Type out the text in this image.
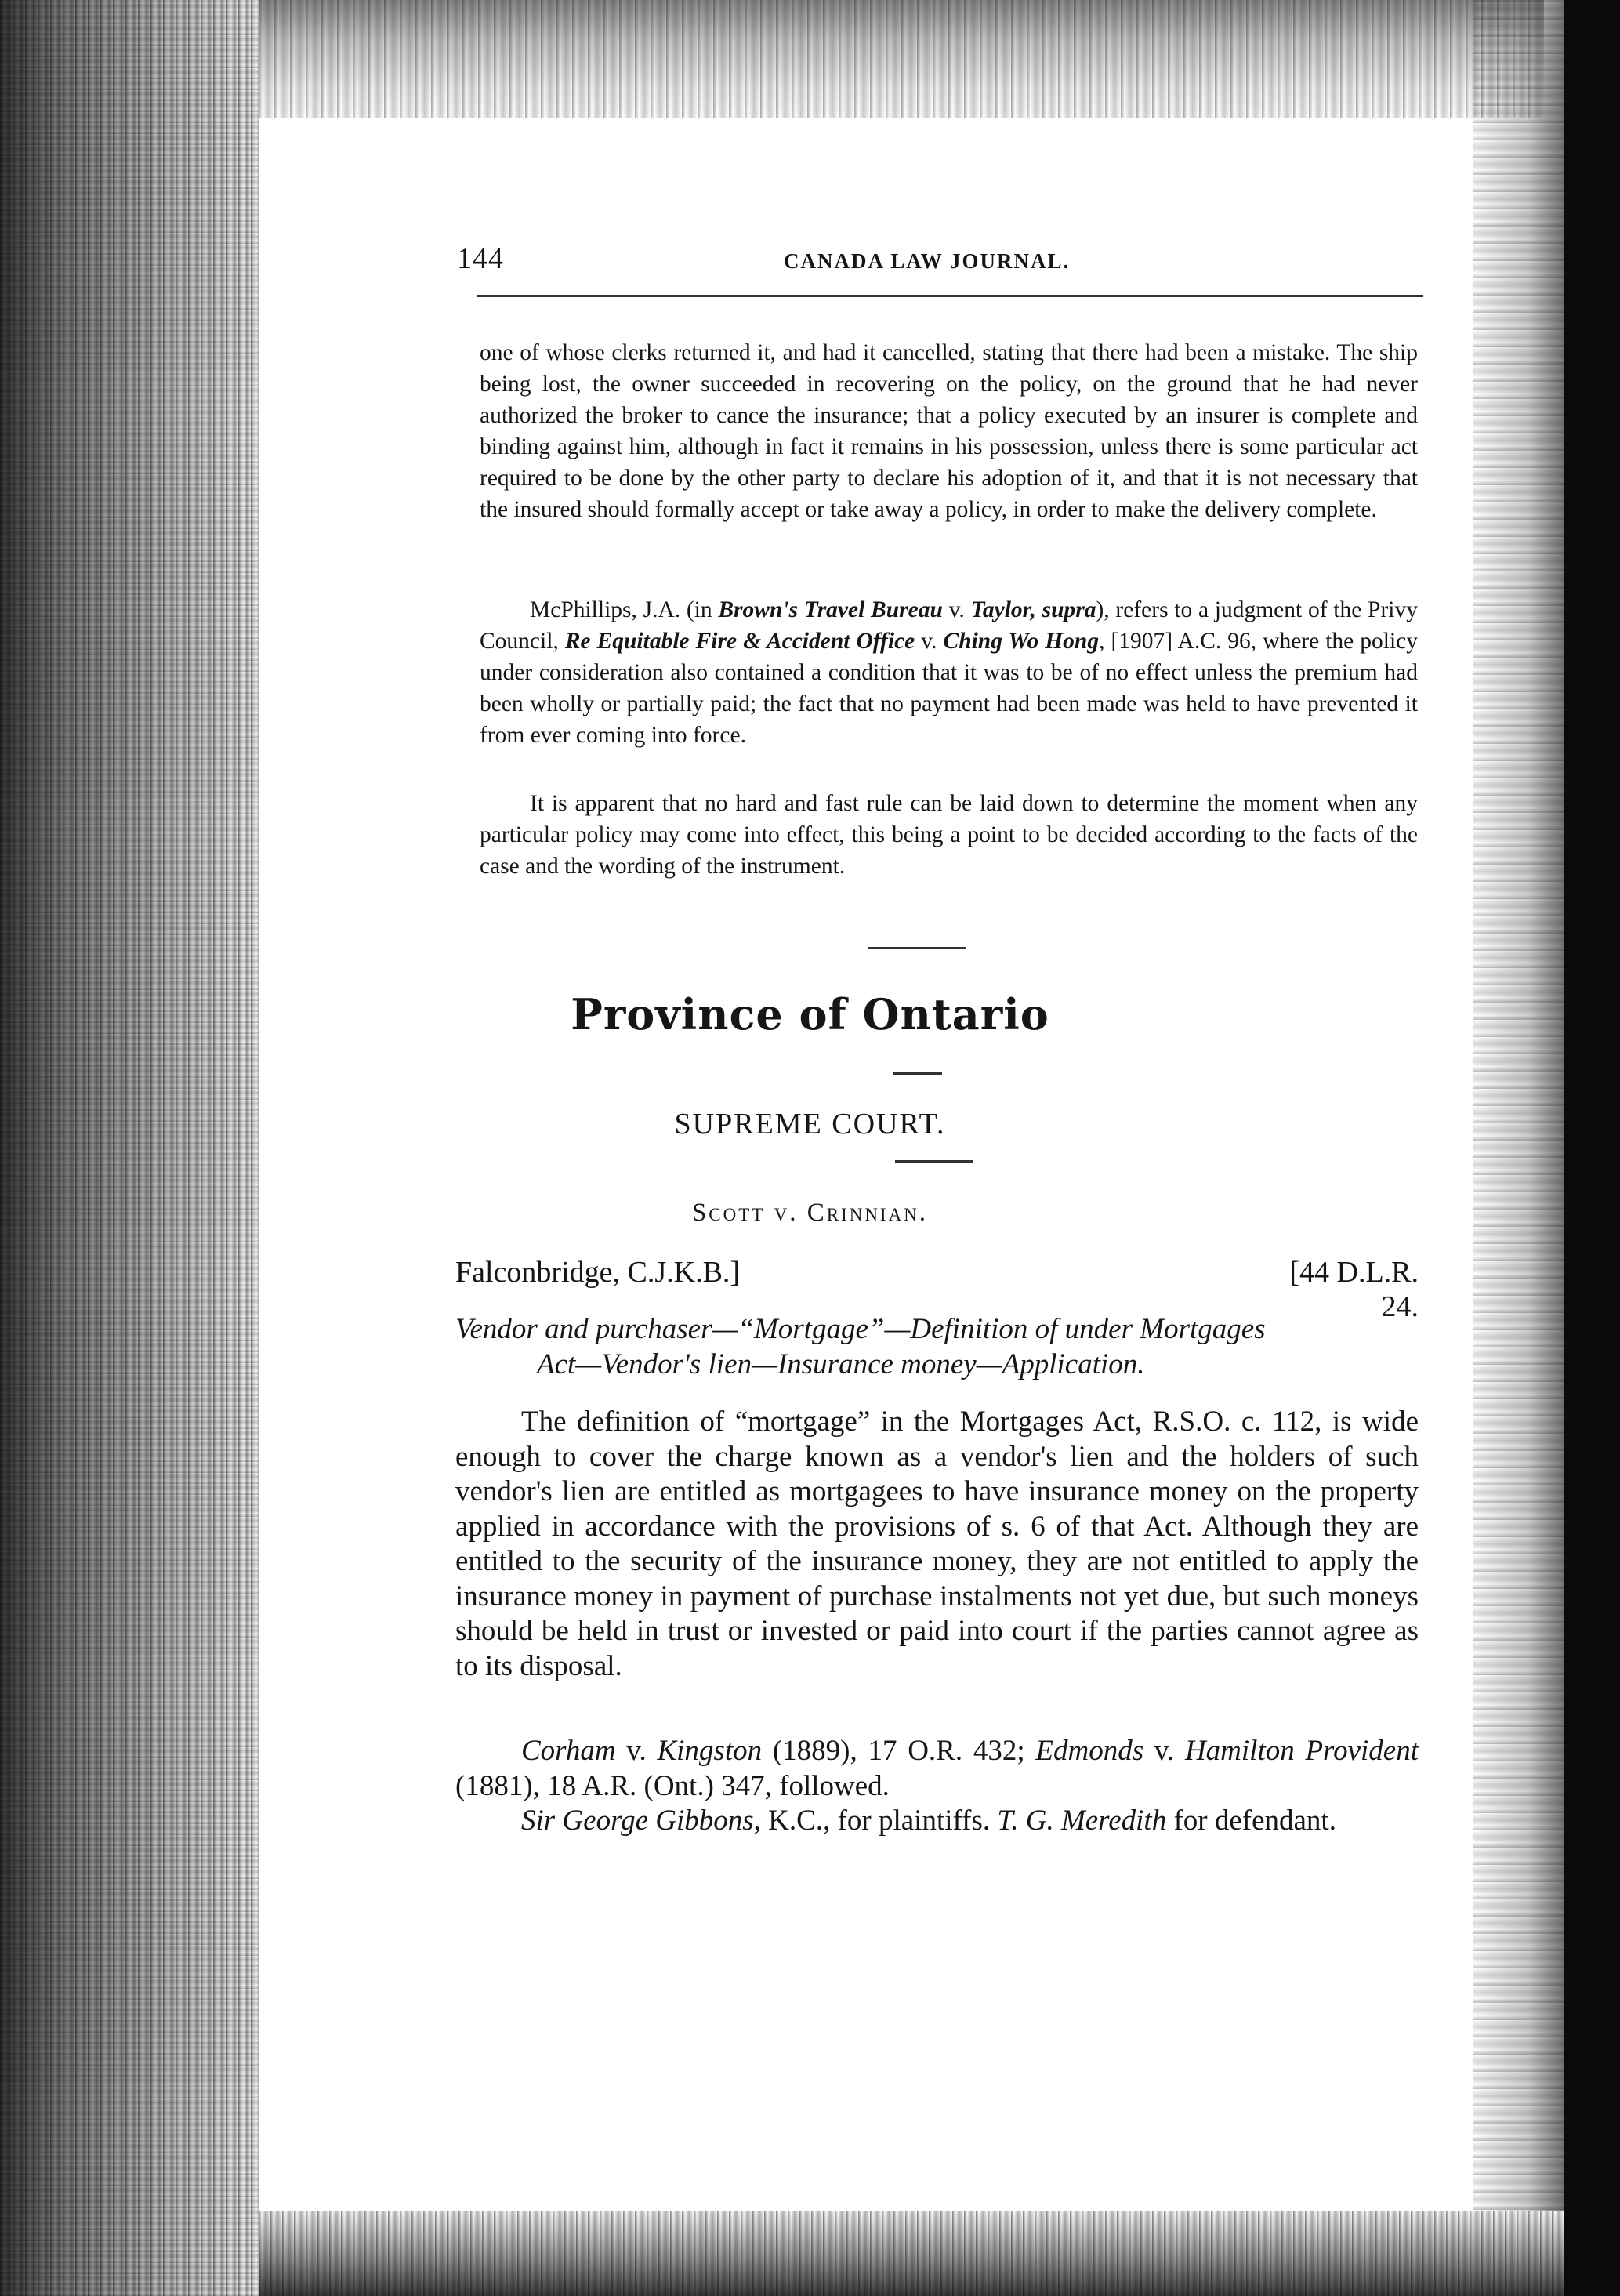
144	CANADA LAW JOURNAL.

one of whose clerks returned it, and had it cancelled, stating that there had been a mistake. The ship being lost, the owner succeeded in recovering on the policy, on the ground that he had never authorized the broker to cance the insurance; that a policy executed by an insurer is complete and binding against him, although in fact it remains in his possession, unless there is some particular act required to be done by the other party to declare his adoption of it, and that it is not necessary that the insured should formally accept or take away a policy, in order to make the delivery complete.

McPhillips, J.A. (in Brown's Travel Bureau v. Taylor, supra), refers to a judgment of the Privy Council, Re Equitable Fire & Accident Office v. Ching Wo Hong, [1907] A.C. 96, where the policy under consideration also contained a condition that it was to be of no effect unless the premium had been wholly or partially paid; the fact that no payment had been made was held to have prevented it from ever coming into force.

It is apparent that no hard and fast rule can be laid down to determine the moment when any particular policy may come into effect, this being a point to be decided according to the facts of the case and the wording of the instrument.

Province of Ontario
SUPREME COURT.
Scott v. Crinnian.
Falconbridge, C.J.K.B.]	[44 D.L.R. 24.
Vendor and purchaser—“Mortgage”—Definition of under Mortgages
Act—Vendor's lien—Insurance money—Application.
The definition of “mortgage” in the Mortgages Act, R.S.O. c. 112, is wide enough to cover the charge known as a vendor's lien and the holders of such vendor's lien are entitled as mortgagees to have insurance money on the property applied in accordance with the provisions of s. 6 of that Act. Although they are entitled to the security of the insurance money, they are not entitled to apply the insurance money in payment of purchase instalments not yet due, but such moneys should be held in trust or invested or paid into court if the parties cannot agree as to its disposal.
Corham v. Kingston (1889), 17 O.R. 432; Edmonds v. Hamilton Provident (1881), 18 A.R. (Ont.) 347, followed.
Sir George Gibbons, K.C., for plaintiffs. T. G. Meredith for defendant.
